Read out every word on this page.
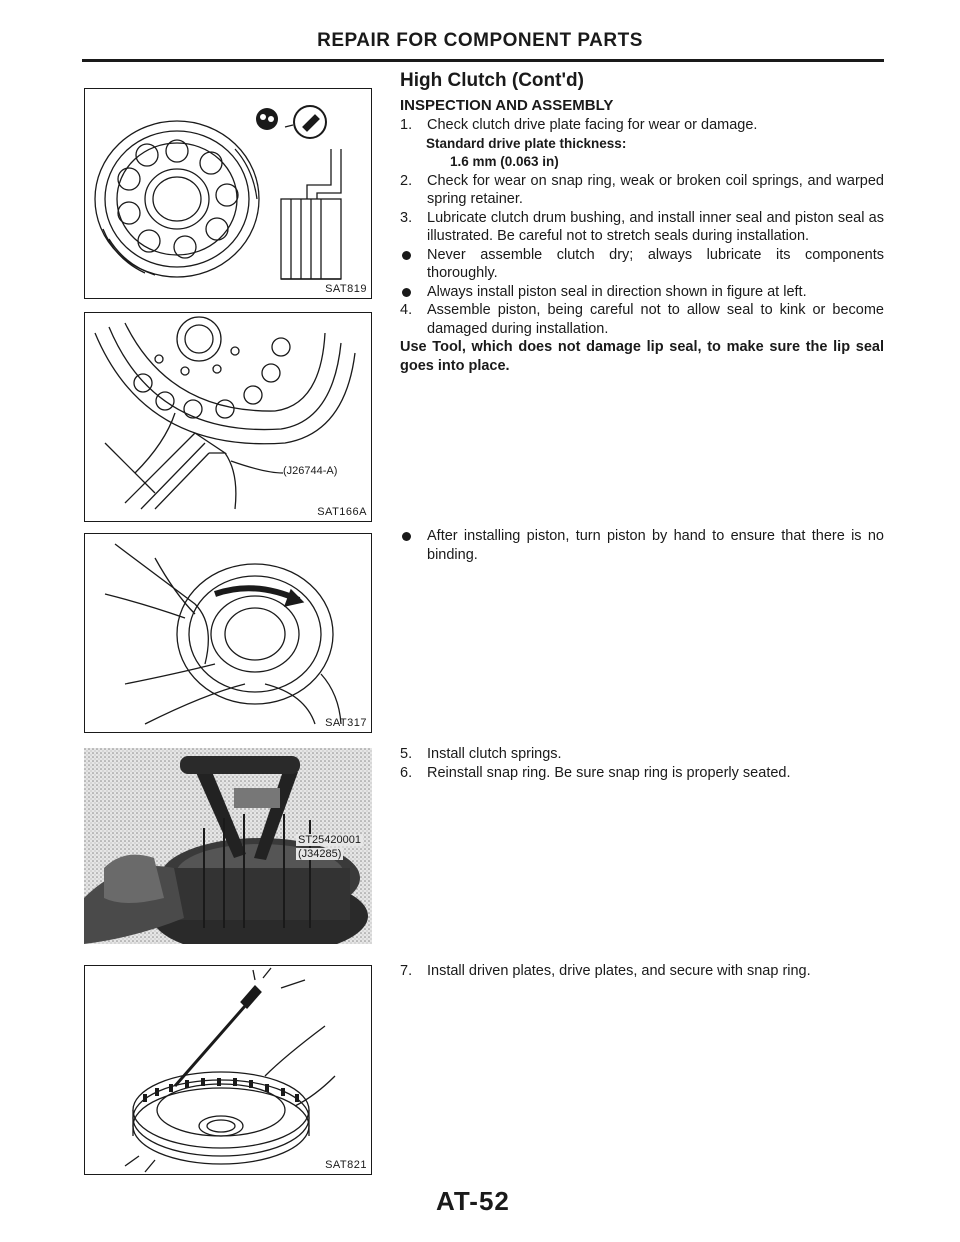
REPAIR FOR COMPONENT PARTS
SAT819
(J26744-A)
SAT166A
SAT317
ST25420001
(J34285)
SAT821
High Clutch (Cont'd)
INSPECTION AND ASSEMBLY
1. Check clutch drive plate facing for wear or damage.
Standard drive plate thickness:
1.6 mm (0.063 in)
2. Check for wear on snap ring, weak or broken coil springs, and warped spring retainer.
3. Lubricate clutch drum bushing, and install inner seal and piston seal as illustrated. Be careful not to stretch seals during installation.
Never assemble clutch dry; always lubricate its components thoroughly.
Always install piston seal in direction shown in figure at left.
4. Assemble piston, being careful not to allow seal to kink or become damaged during installation.
Use Tool, which does not damage lip seal, to make sure the lip seal goes into place.
After installing piston, turn piston by hand to ensure that there is no binding.
5. Install clutch springs.
6. Reinstall snap ring. Be sure snap ring is properly seated.
7. Install driven plates, drive plates, and secure with snap ring.
AT-52
